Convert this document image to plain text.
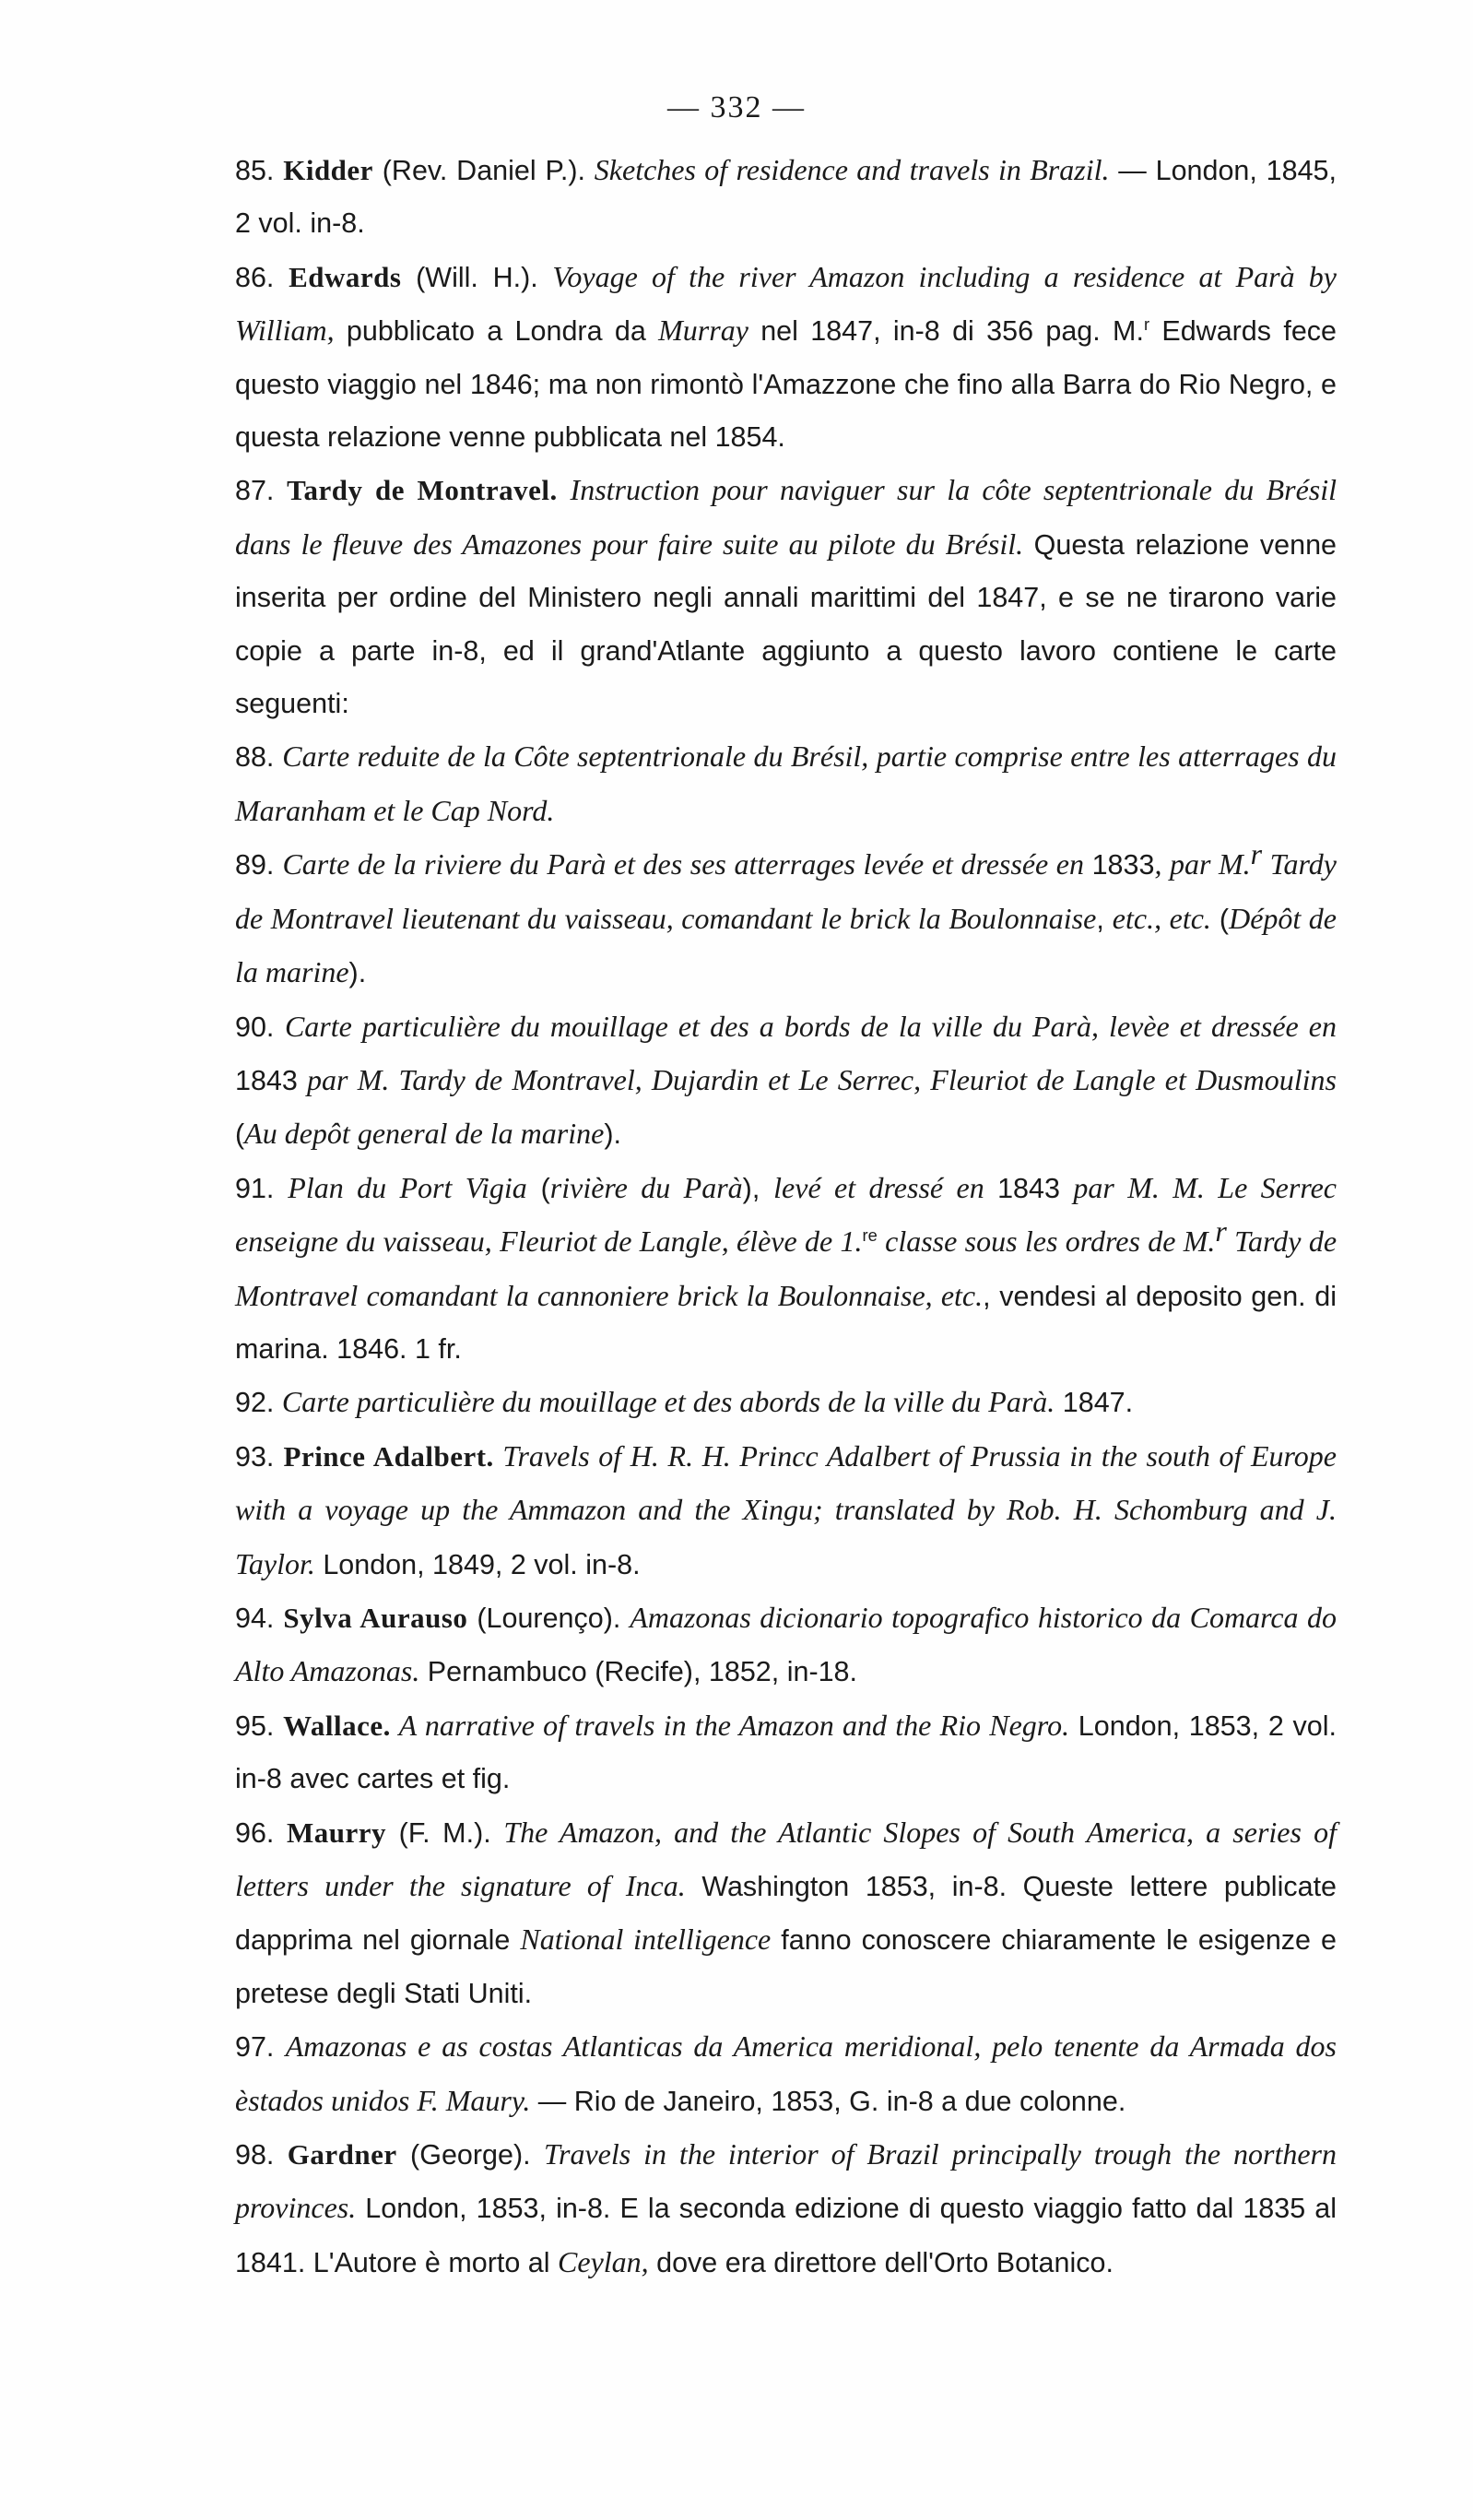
— 332 —

85. Kidder (Rev. Daniel P.). Sketches of residence and travels in Brazil. — London, 1845, 2 vol. in-8.

86. Edwards (Will. H.). Voyage of the river Amazon including a residence at Parà by William, pubblicato a Londra da Murray nel 1847, in-8 di 356 pag. M.$^r$ Edwards fece questo viaggio nel 1846; ma non rimontò l'Amazzone che fino alla Barra do Rio Negro, e questa relazione venne pubblicata nel 1854.

87. Tardy de Montravel. Instruction pour naviguer sur la côte septentrionale du Brésil dans le fleuve des Amazones pour faire suite au pilote du Brésil. Questa relazione venne inserita per ordine del Ministero negli annali marittimi del 1847, e se ne tirarono varie copie a parte in-8, ed il grand'Atlante aggiunto a questo lavoro contiene le carte seguenti:

88. Carte reduite de la Côte septentrionale du Brésil, partie comprise entre les atterrages du Maranham et le Cap Nord.

89. Carte de la riviere du Parà et des ses atterrages levée et dressée en 1833, par M.$^r$ Tardy de Montravel lieutenant du vaisseau, comandant le brick la Boulonnaise, etc., etc. (Dépôt de la marine).

90. Carte particulière du mouillage et des a bords de la ville du Parà, levèe et dressée en 1843 par M. Tardy de Montravel, Dujardin et Le Serrec, Fleuriot de Langle et Dusmoulins (Au depôt general de la marine).

91. Plan du Port Vigia (rivière du Parà), levé et dressé en 1843 par M. M. Le Serrec enseigne du vaisseau, Fleuriot de Langle, élève de 1.$^{re}$ classe sous les ordres de M.$^r$ Tardy de Montravel comandant la cannoniere brick la Boulonnaise, etc., vendesi al deposito gen. di marina. 1846. 1 fr.

92. Carte particulière du mouillage et des abords de la ville du Parà. 1847.

93. Prince Adalbert. Travels of H. R. H. Princc Adalbert of Prussia in the south of Europe with a voyage up the Ammazon and the Xingu; translated by Rob. H. Schomburg and J. Taylor. London, 1849, 2 vol. in-8.

94. Sylva Aurauso (Lourenço). Amazonas dicionario topografico historico da Comarca do Alto Amazonas. Pernambuco (Recife), 1852, in-18.

95. Wallace. A narrative of travels in the Amazon and the Rio Negro. London, 1853, 2 vol. in-8 avec cartes et fig.

96. Maurry (F. M.). The Amazon, and the Atlantic Slopes of South America, a series of letters under the signature of Inca. Washington 1853, in-8. Queste lettere publicate dapprima nel giornale National intelligence fanno conoscere chiaramente le esigenze e pretese degli Stati Uniti.

97. Amazonas e as costas Atlanticas da America meridional, pelo tenente da Armada dos èstados unidos F. Maury. — Rio de Janeiro, 1853, G. in-8 a due colonne.

98. Gardner (George). Travels in the interior of Brazil principally trough the northern provinces. London, 1853, in-8. E la seconda edizione di questo viaggio fatto dal 1835 al 1841. L'Autore è morto al Ceylan, dove era direttore dell'Orto Botanico.
